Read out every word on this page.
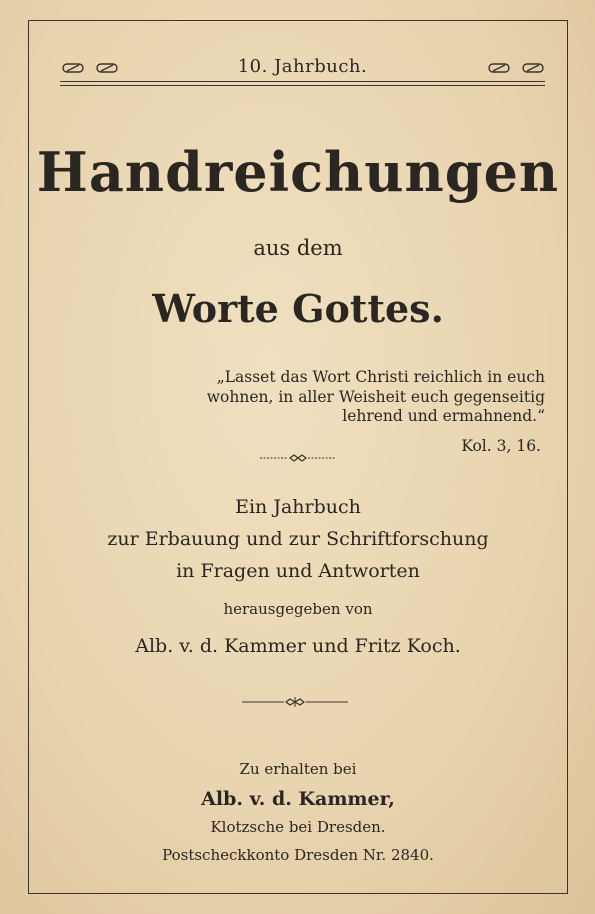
10. Jahrbuch.
Handreichungen
aus dem
Worte Gottes.
„Lasset das Wort Christi reichlich in euch wohnen, in aller Weisheit euch gegenseitig lehrend und ermahnend.“
Kol. 3, 16.
Ein Jahrbuch
zur Erbauung und zur Schriftforschung
in Fragen und Antworten
herausgegeben von
Alb. v. d. Kammer und Fritz Koch.
Zu erhalten bei
Alb. v. d. Kammer,
Klotzsche bei Dresden.
Postscheckkonto Dresden Nr. 2840.
